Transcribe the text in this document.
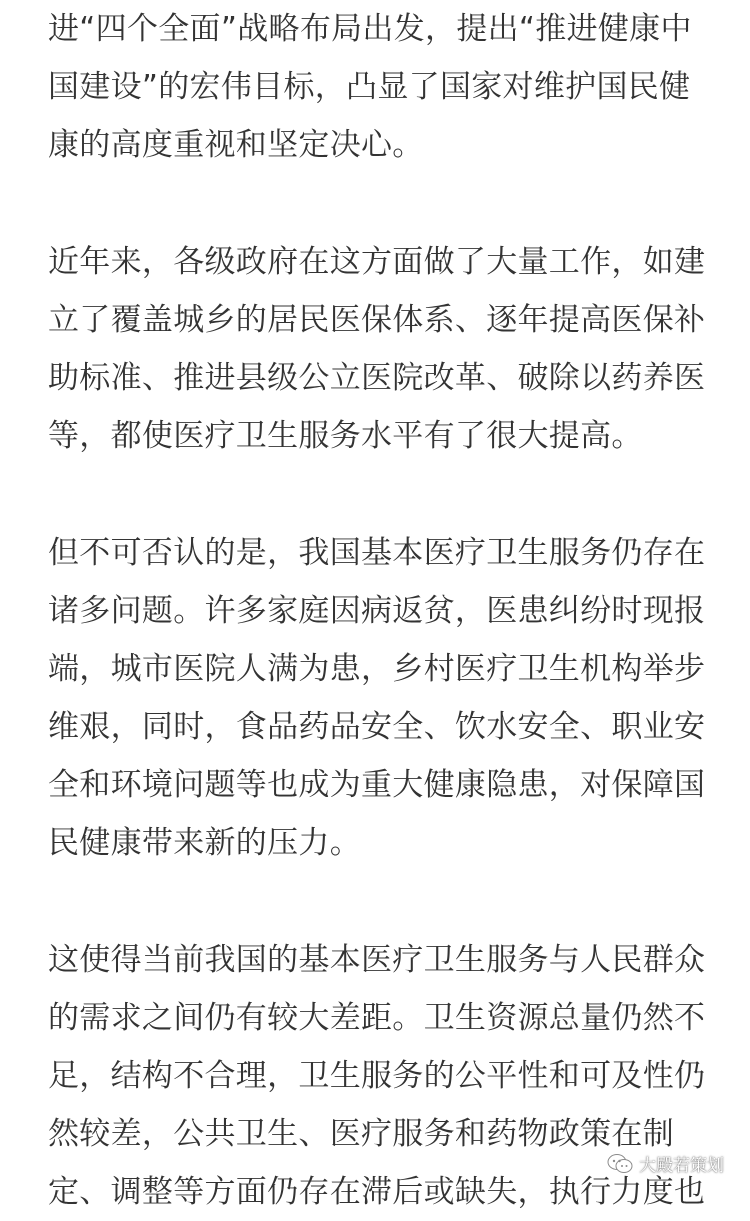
进“四个全面”战略布局出发，提出“推进健康中
国建设”的宏伟目标，凸显了国家对维护国民健
康的高度重视和坚定决心。
近年来，各级政府在这方面做了大量工作，如建
立了覆盖城乡的居民医保体系、逐年提高医保补
助标准、推进县级公立医院改革、破除以药养医
等，都使医疗卫生服务水平有了很大提高。
但不可否认的是，我国基本医疗卫生服务仍存在
诸多问题。许多家庭因病返贫，医患纠纷时现报
端，城市医院人满为患，乡村医疗卫生机构举步
维艰，同时，食品药品安全、饮水安全、职业安
全和环境问题等也成为重大健康隐患，对保障国
民健康带来新的压力。
这使得当前我国的基本医疗卫生服务与人民群众
的需求之间仍有较大差距。卫生资源总量仍然不
足，结构不合理，卫生服务的公平性和可及性仍
然较差，公共卫生、医疗服务和药物政策在制
定、调整等方面仍存在滞后或缺失，执行力度也
大殿若策划
